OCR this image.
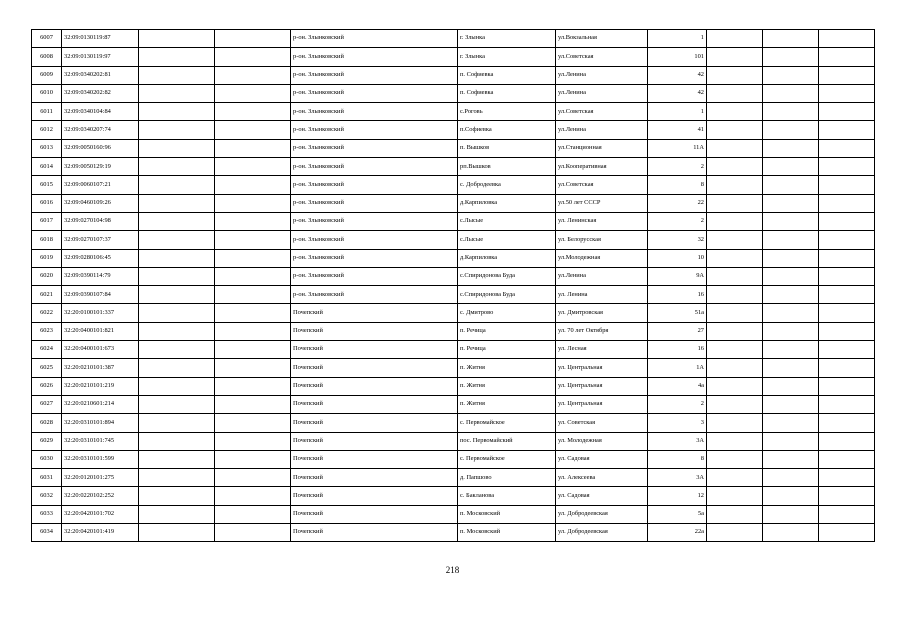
6007	32:09:0130119:87			р-он. Злынковский	г. Злынка	ул.Вокзальная	1			
6008	32:09:0130119:97			р-он. Злынковский	г. Злынка	ул.Советская	101			
6009	32:09:0340202:81			р-он. Злынковский	п. Софиевка	ул.Ленина	42			
6010	32:09:0340202:82			р-он. Злынковский	п. Софиевка	ул.Ленина	42			
6011	32:09:0340104:84			р-он. Злынковский	с.Роговь	ул.Советская	1			
6012	32:09:0340207:74			р-он. Злынковский	п.Софиевка	ул.Ленина	41			
6013	32:09:0050160:96			р-он. Злынковский	п. Вышков	ул.Станционная	11А			
6014	32:09:0050129:19			р-он. Злынковский	рп.Вышков	ул.Кооперативная	2			
6015	32:09:0060107:21			р-он. Злынковский	с. Добродеевка	ул.Советская	8			
6016	32:09:0460109:26			р-он. Злынковский	д.Карпиловка	ул.50 лет СССР	22			
6017	32:09:0270104:98			р-он. Злынковский	с.Лысые	ул. Ленинская	2			
6018	32:09:0270107:37			р-он. Злынковский	с.Лысые	ул. Белорусская	32			
6019	32:09:0280106:45			р-он. Злынковский	д.Карпиловка	ул.Молодежная	10			
6020	32:09:0390114:79			р-он. Злынковский	с.Спиридонова Буда	ул.Ленина	9А			
6021	32:09:0390107:84			р-он. Злынковский	с.Спиридонова Буда	ул. Ленина	16			
6022	32:20:0100101:337			Почепский	с. Дмитрово	ул. Дмитровская	51а			
6023	32:20:0400101:821			Почепский	п. Речица	ул. 70 лет Октября	27			
6024	32:20:0400101:673			Почепский	п. Речица	ул. Лесная	16			
6025	32:20:0210101:387			Почепский	п. Житня	ул. Центральная	1А			
6026	32:20:0210101:219			Почепский	п. Житня	ул. Центральная	4а			
6027	32:20:0210601:214			Почепский	п. Житня	ул. Центральная	2			
6028	32:20:0310101:894			Почепский	с. Первомайское	ул. Советская	3			
6029	32:20:0310101:745			Почепский	пос. Первомайский	ул. Молодежная	3А			
6030	32:20:0310101:599			Почепский	с. Первомайское	ул. Садовая	8			
6031	32:20:0120101:275			Почепский	д. Папшово	ул. Алексеева	3А			
6032	32:20:0220102:252			Почепский	с. Бакланова	ул. Садовая	12			
6033	32:20:0420101:702			Почепский	п. Московский	ул. Добродеевская	5а			
6034	32:20:0420101:419			Почепский	п. Московский	ул. Добродеевская	22а			
218
